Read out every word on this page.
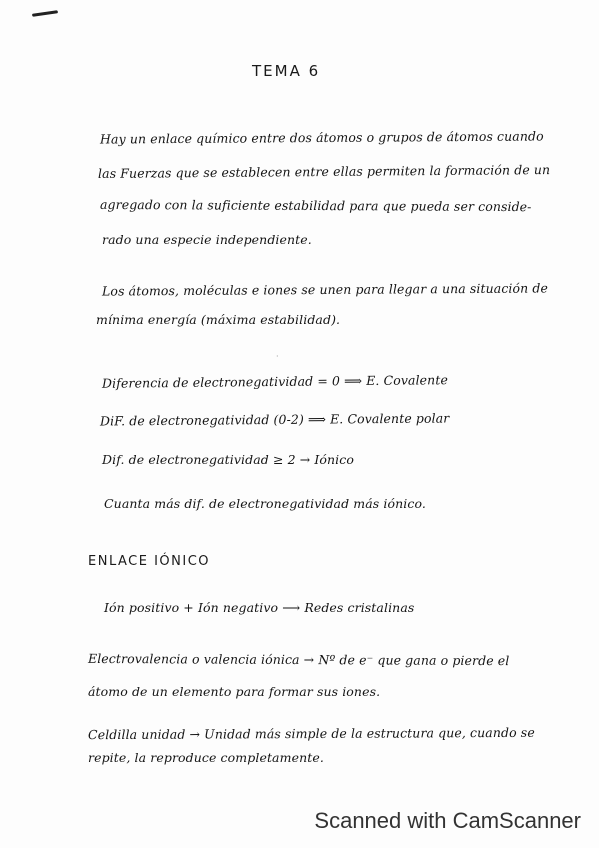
TEMA 6
Hay un enlace químico entre dos átomos o grupos de átomos cuando
las Fuerzas que se establecen entre ellas permiten la formación de un
agregado con la suficiente estabilidad para que pueda ser conside-
rado una especie independiente.
Los átomos, moléculas e iones se unen para llegar a una situación de
mínima energía (máxima estabilidad).
·
Diferencia de electronegatividad = 0 ⟹ E. Covalente
DiF. de electronegatividad (0-2) ⟹ E. Covalente polar
Dif. de electronegatividad ≥ 2 → Iónico
Cuanta más dif. de electronegatividad más iónico.
ENLACE IÓNICO
Ión positivo + Ión negativo ⟶ Redes cristalinas
Electrovalencia o valencia iónica → Nº de e⁻ que gana o pierde el
átomo de un elemento para formar sus iones.
Celdilla unidad → Unidad más simple de la estructura que, cuando se
repite, la reproduce completamente.
Scanned with CamScanner
